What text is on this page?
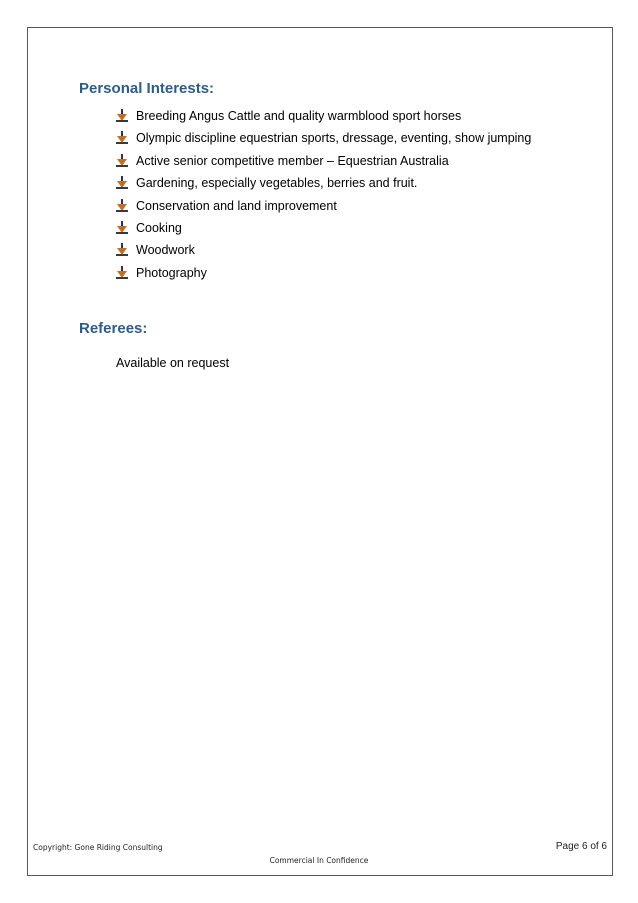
Personal Interests:
Breeding Angus Cattle and quality warmblood sport horses
Olympic discipline equestrian sports, dressage, eventing, show jumping
Active senior competitive member – Equestrian Australia
Gardening, especially vegetables, berries and fruit.
Conservation and land improvement
Cooking
Woodwork
Photography
Referees:

Available on request

Copyright: Gone Riding Consulting	Page 6 of 6
Commercial In Confidence
